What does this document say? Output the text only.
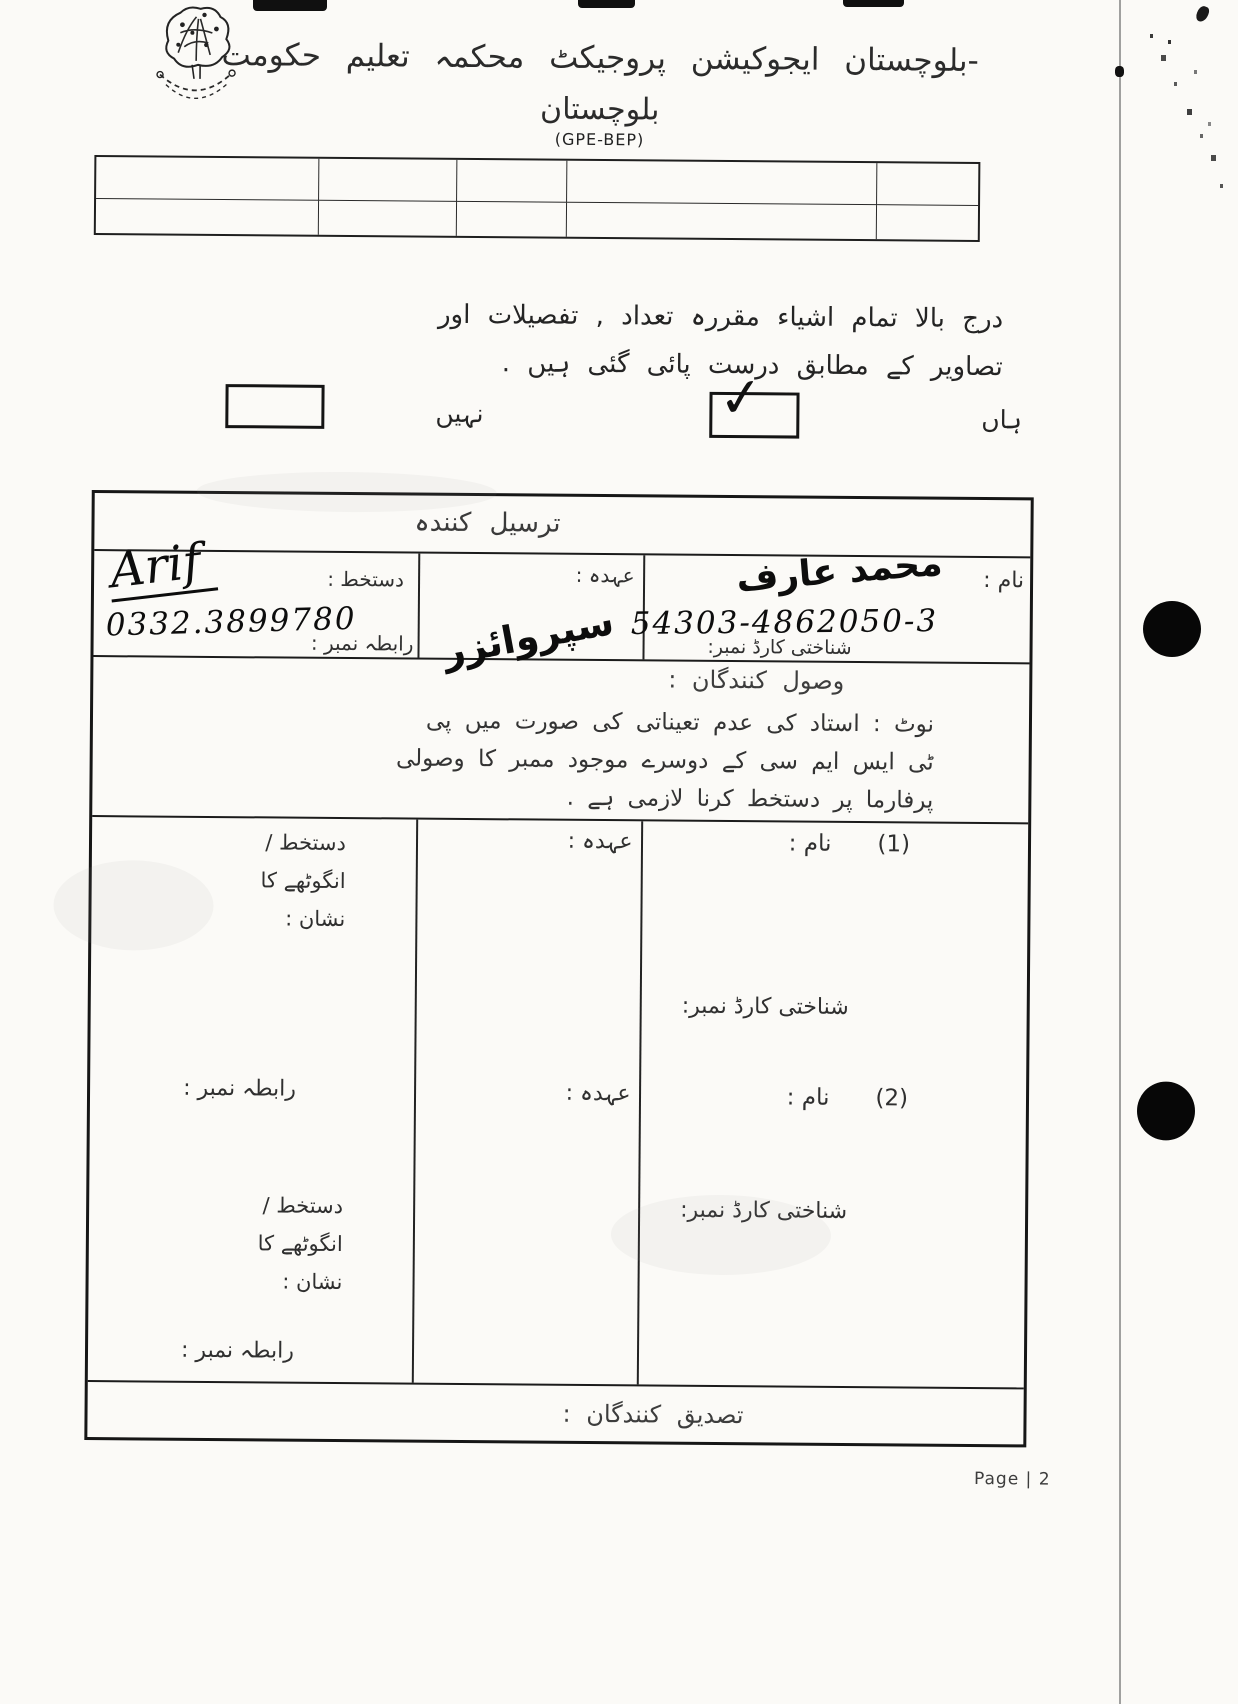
-بلوچستان ایجوکیشن پروجیکٹ محکمہ تعلیم حکومت
بلوچستان
(GPE-BEP)
درج بالا تمام اشیاء مقررہ تعداد , تفصیلات اور
تصاویر کے مطابق درست پائی گئی ہیں .
ہاں
✓
نہیں
ترسیل کنندہ
نام :
محمد عارف
54303-4862050-3
شناختی کارڈ نمبر:
عہدہ :
سپروائزر
دستخط :
Arif
0332.3899780
رابطہ نمبر :
وصول کنندگان :
نوٹ : استاد کی عدم تعیناتی کی صورت میں پی
ٹی ایس ایم سی کے دوسرے موجود ممبر کا وصولی
پرفارما پر دستخط کرنا لازمی ہے .
(1)
نام :
شناختی کارڈ نمبر:
(2)
نام :
شناختی کارڈ نمبر:
عہدہ :
عہدہ :
دستخط /
انگوٹھے کا
نشان :
رابطہ نمبر :
دستخط /
انگوٹھے کا
نشان :
رابطہ نمبر :
تصدیق کنندگان :
Page | 2
